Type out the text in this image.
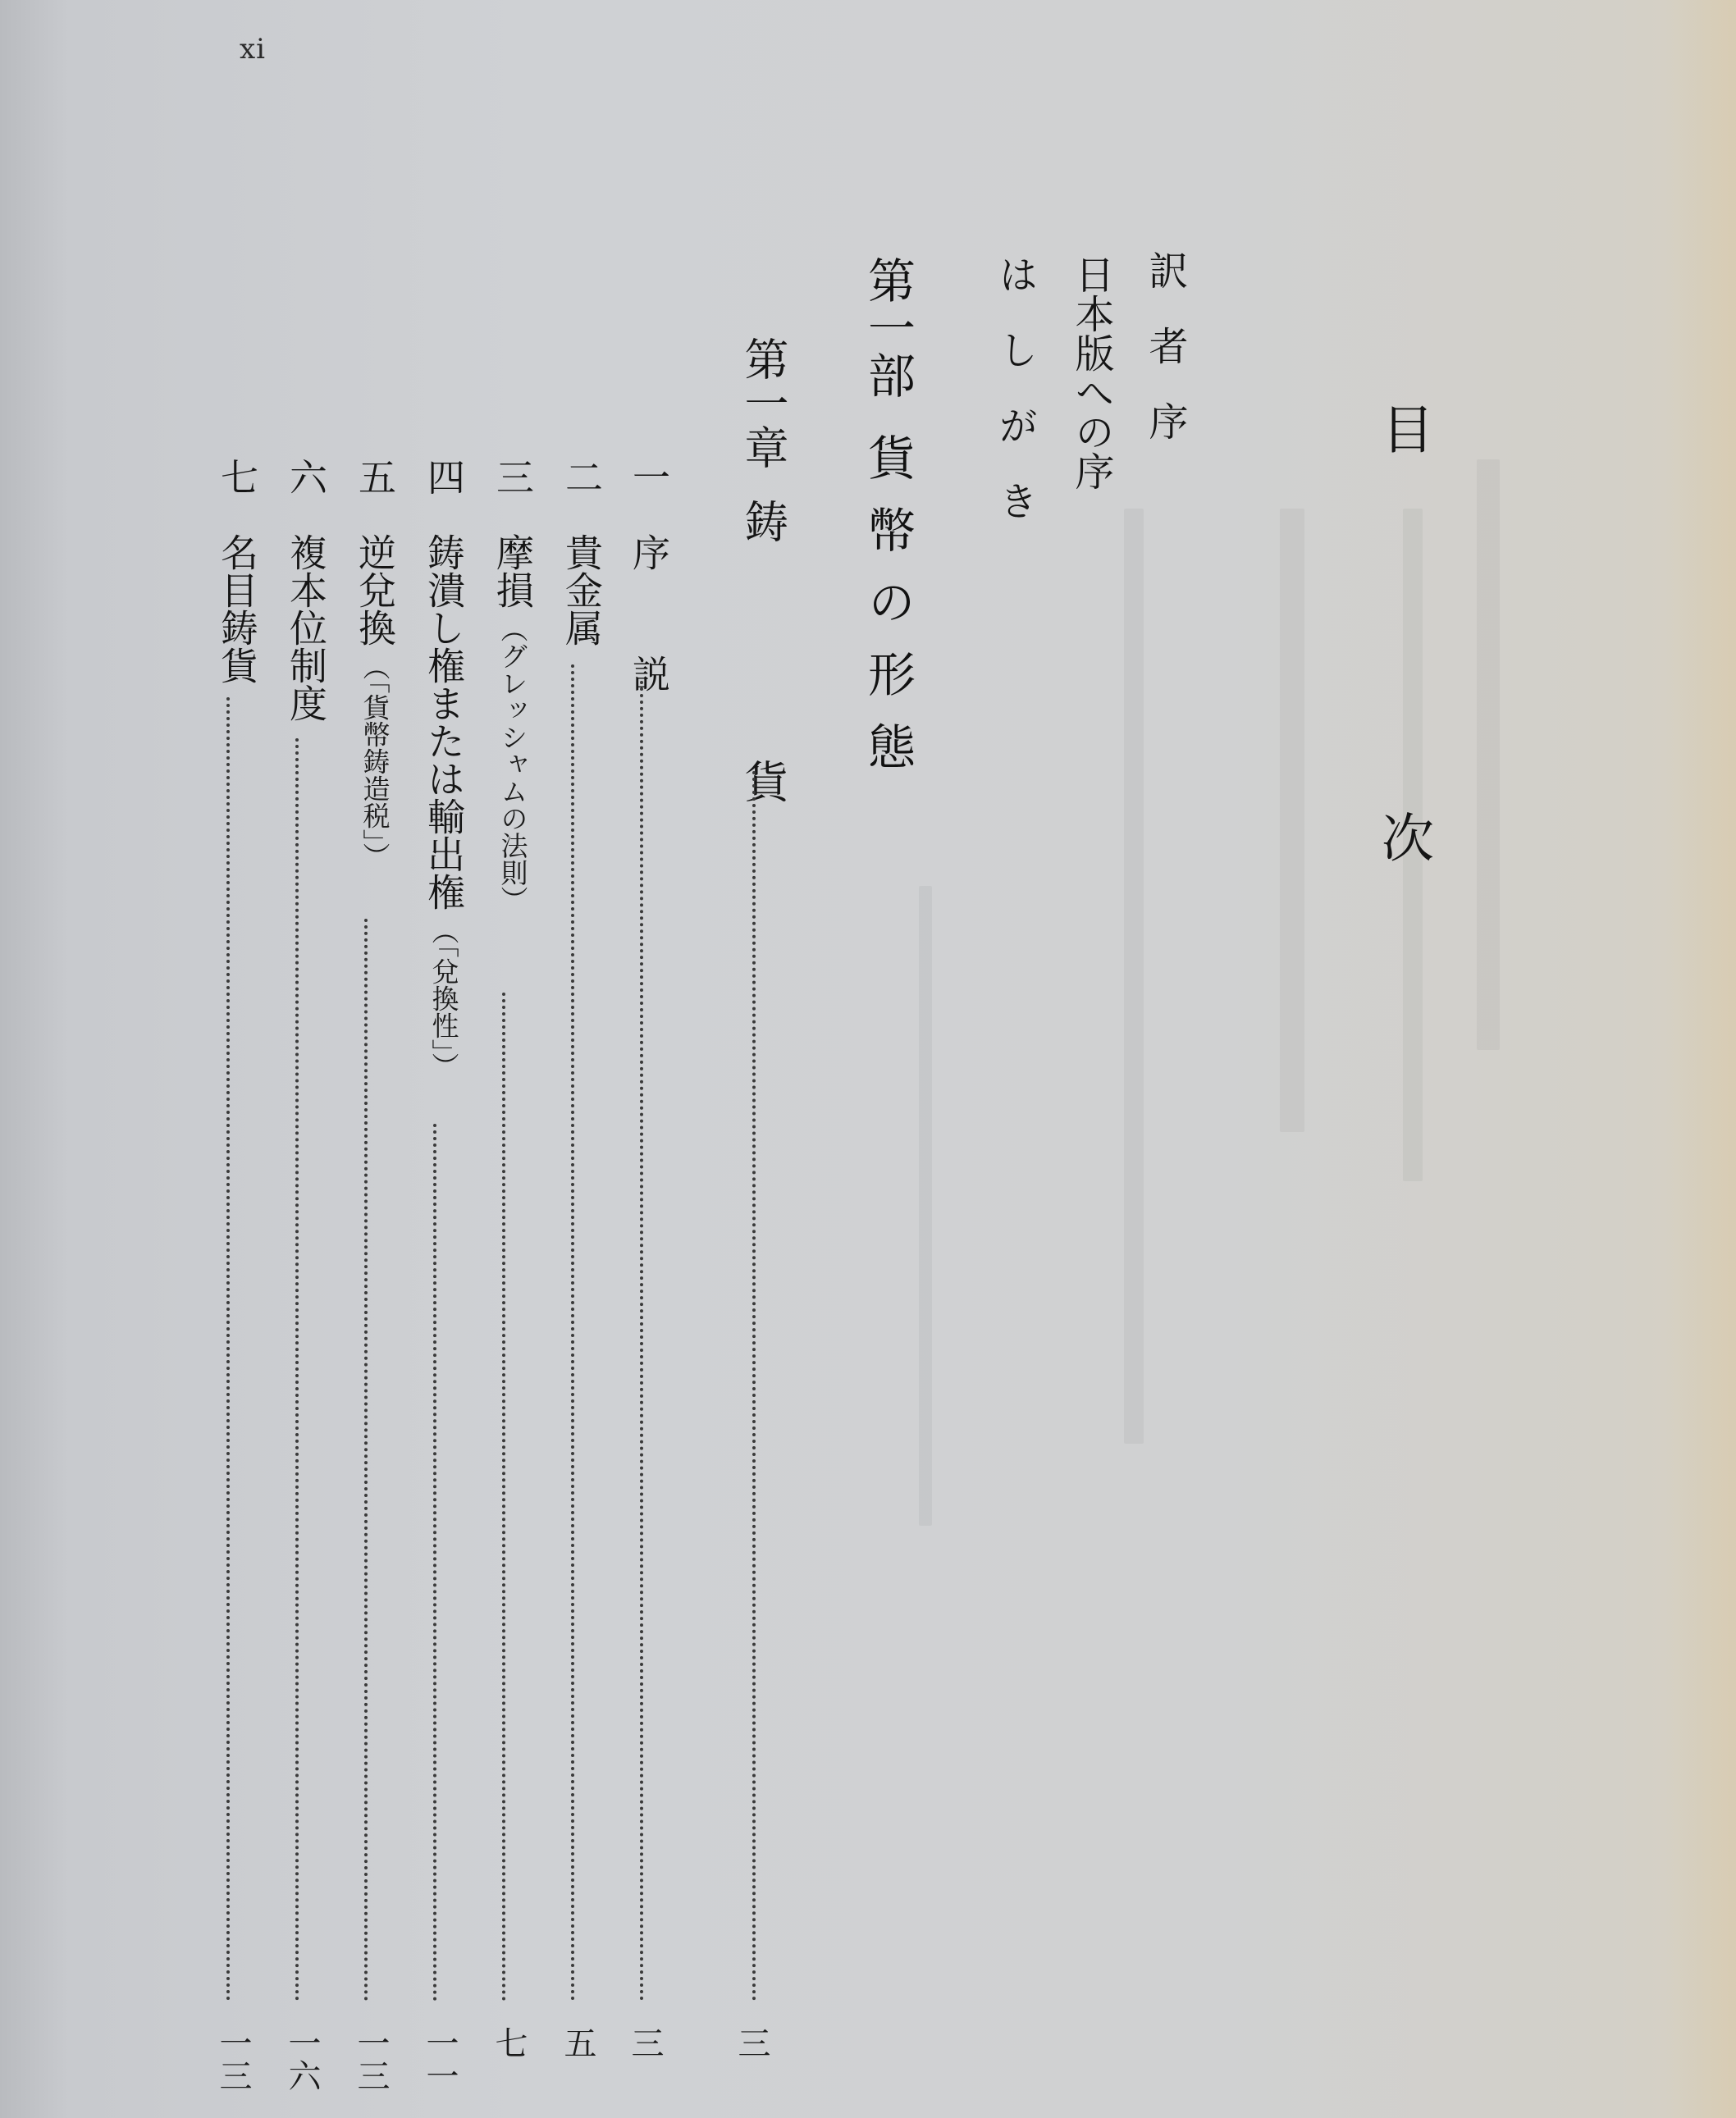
xi
目 次
訳者序
日本版への序
はしがき
第一部
貨幣の形態
第一章
鋳 貨
三
一
序 説
三
二
貴金属
五
三
摩損
（グレッシャムの法則）
七
四
鋳潰し権または輸出権
（「兌換性」）
一一
五
逆兌換
（「貨幣鋳造税」）
一三
六
複本位制度
一六
七
名目鋳貨
一三
